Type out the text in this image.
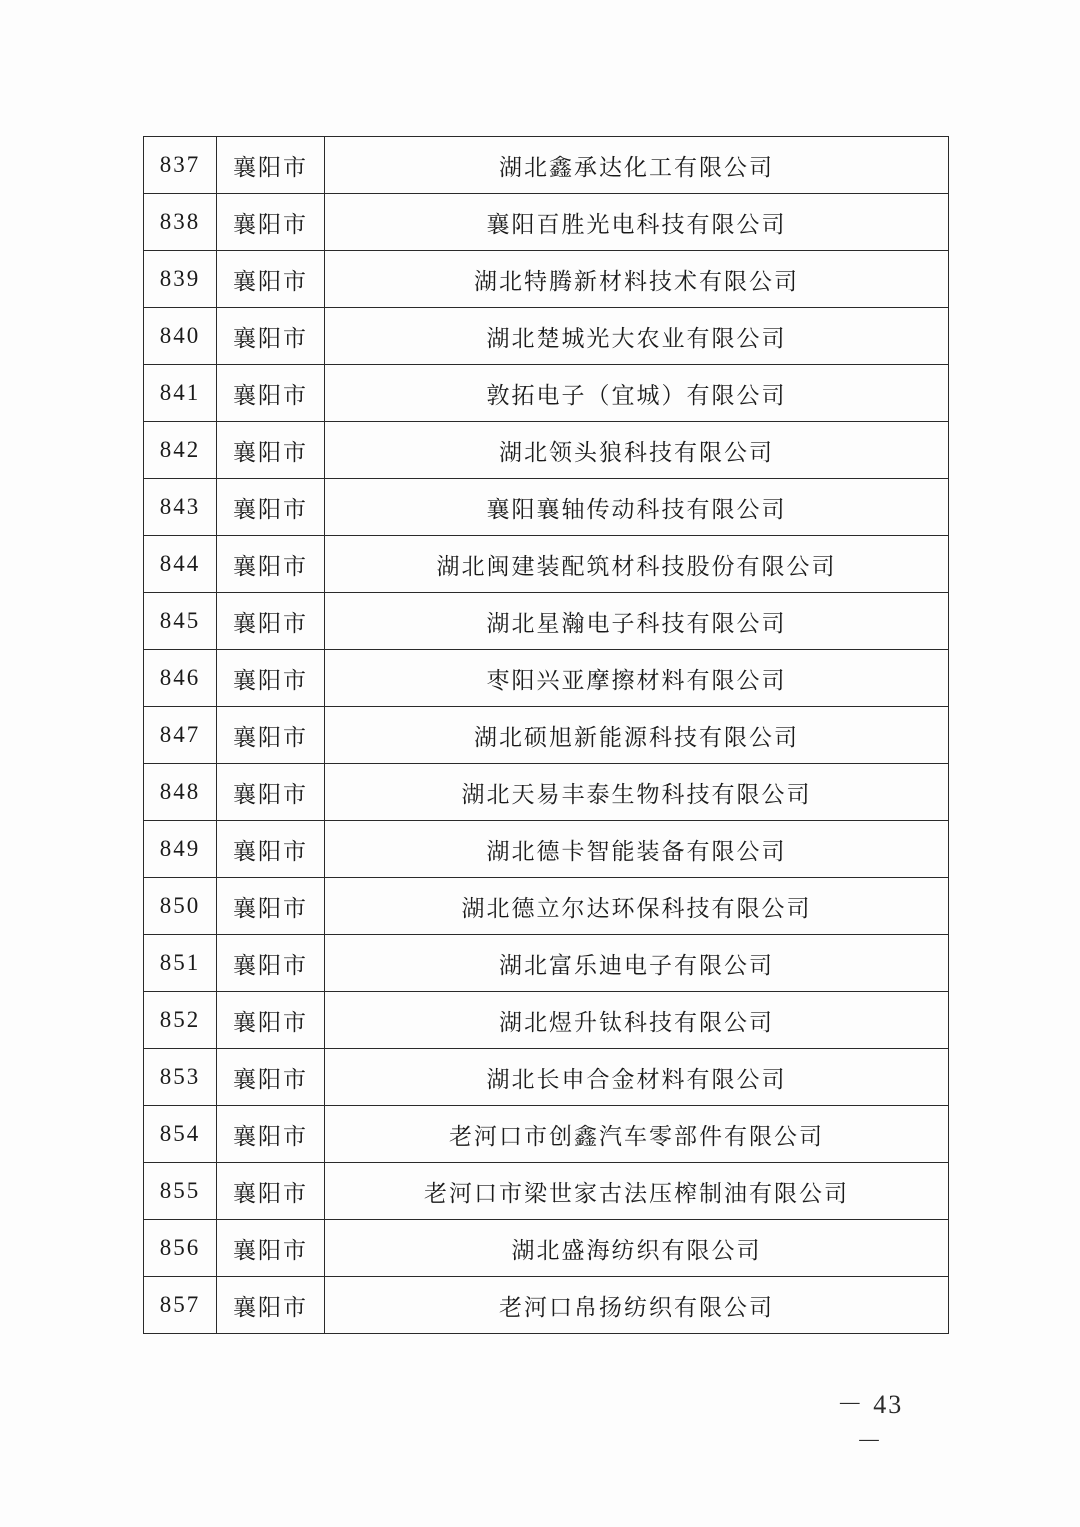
837	襄阳市	湖北鑫承达化工有限公司
838	襄阳市	襄阳百胜光电科技有限公司
839	襄阳市	湖北特腾新材料技术有限公司
840	襄阳市	湖北楚城光大农业有限公司
841	襄阳市	敦拓电子（宜城）有限公司
842	襄阳市	湖北领头狼科技有限公司
843	襄阳市	襄阳襄轴传动科技有限公司
844	襄阳市	湖北闽建装配筑材科技股份有限公司
845	襄阳市	湖北星瀚电子科技有限公司
846	襄阳市	枣阳兴亚摩擦材料有限公司
847	襄阳市	湖北硕旭新能源科技有限公司
848	襄阳市	湖北天易丰泰生物科技有限公司
849	襄阳市	湖北德卡智能装备有限公司
850	襄阳市	湖北德立尔达环保科技有限公司
851	襄阳市	湖北富乐迪电子有限公司
852	襄阳市	湖北煜升钛科技有限公司
853	襄阳市	湖北长申合金材料有限公司
854	襄阳市	老河口市创鑫汽车零部件有限公司
855	襄阳市	老河口市梁世家古法压榨制油有限公司
856	襄阳市	湖北盛海纺织有限公司
857	襄阳市	老河口帛扬纺织有限公司
－ 43 －
